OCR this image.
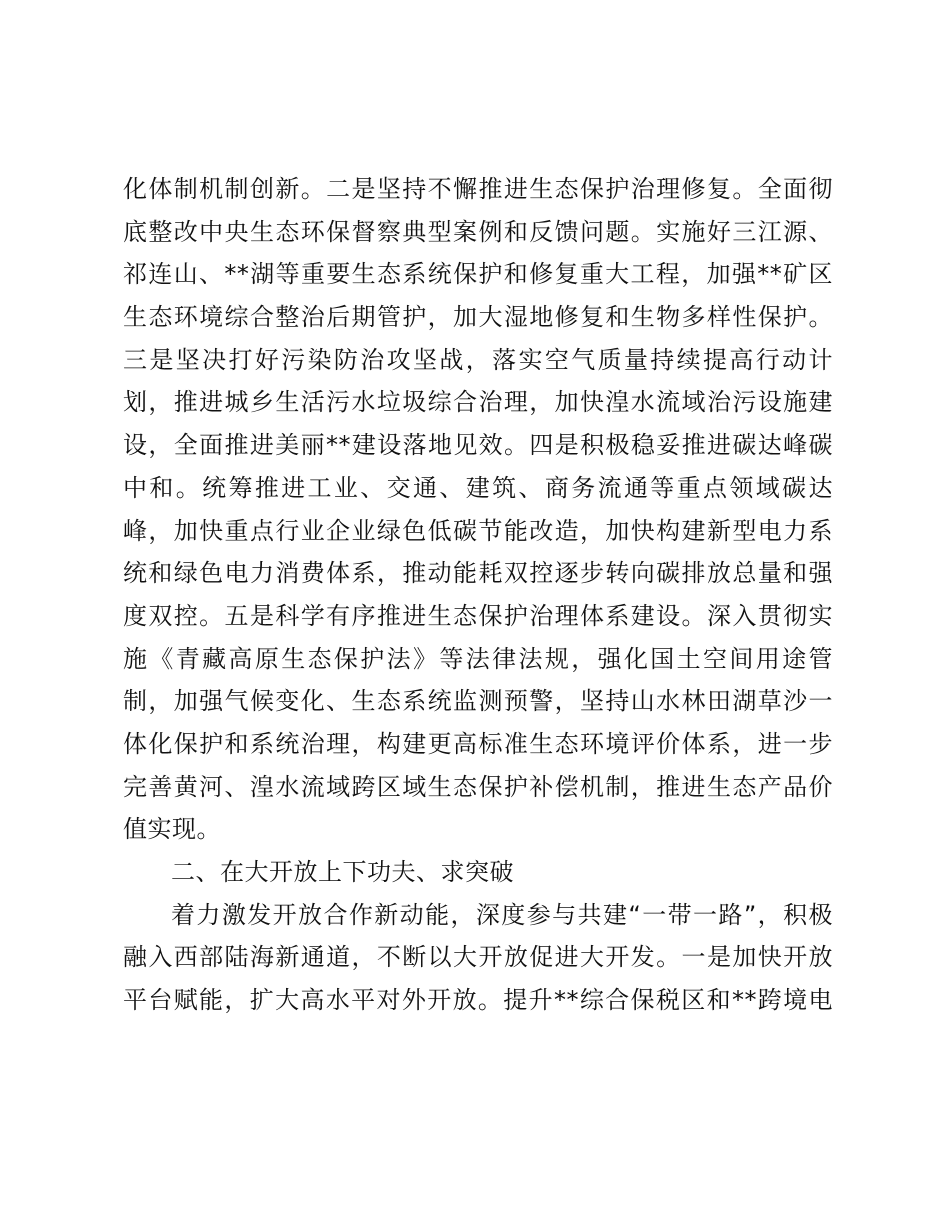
化体制机制创新。二是坚持不懈推进生态保护治理修复。全面彻
底整改中央生态环保督察典型案例和反馈问题。实施好三江源、
祁连山、**湖等重要生态系统保护和修复重大工程，加强**矿区
生态环境综合整治后期管护，加大湿地修复和生物多样性保护。
三是坚决打好污染防治攻坚战，落实空气质量持续提高行动计
划，推进城乡生活污水垃圾综合治理，加快湟水流域治污设施建
设，全面推进美丽**建设落地见效。四是积极稳妥推进碳达峰碳
中和。统筹推进工业、交通、建筑、商务流通等重点领域碳达
峰，加快重点行业企业绿色低碳节能改造，加快构建新型电力系
统和绿色电力消费体系，推动能耗双控逐步转向碳排放总量和强
度双控。五是科学有序推进生态保护治理体系建设。深入贯彻实
施《青藏高原生态保护法》等法律法规，强化国土空间用途管
制，加强气候变化、生态系统监测预警，坚持山水林田湖草沙一
体化保护和系统治理，构建更高标准生态环境评价体系，进一步
完善黄河、湟水流域跨区域生态保护补偿机制，推进生态产品价
值实现。
二、在大开放上下功夫、求突破
着力激发开放合作新动能，深度参与共建“一带一路”，积极
融入西部陆海新通道，不断以大开放促进大开发。一是加快开放
平台赋能，扩大高水平对外开放。提升**综合保税区和**跨境电
